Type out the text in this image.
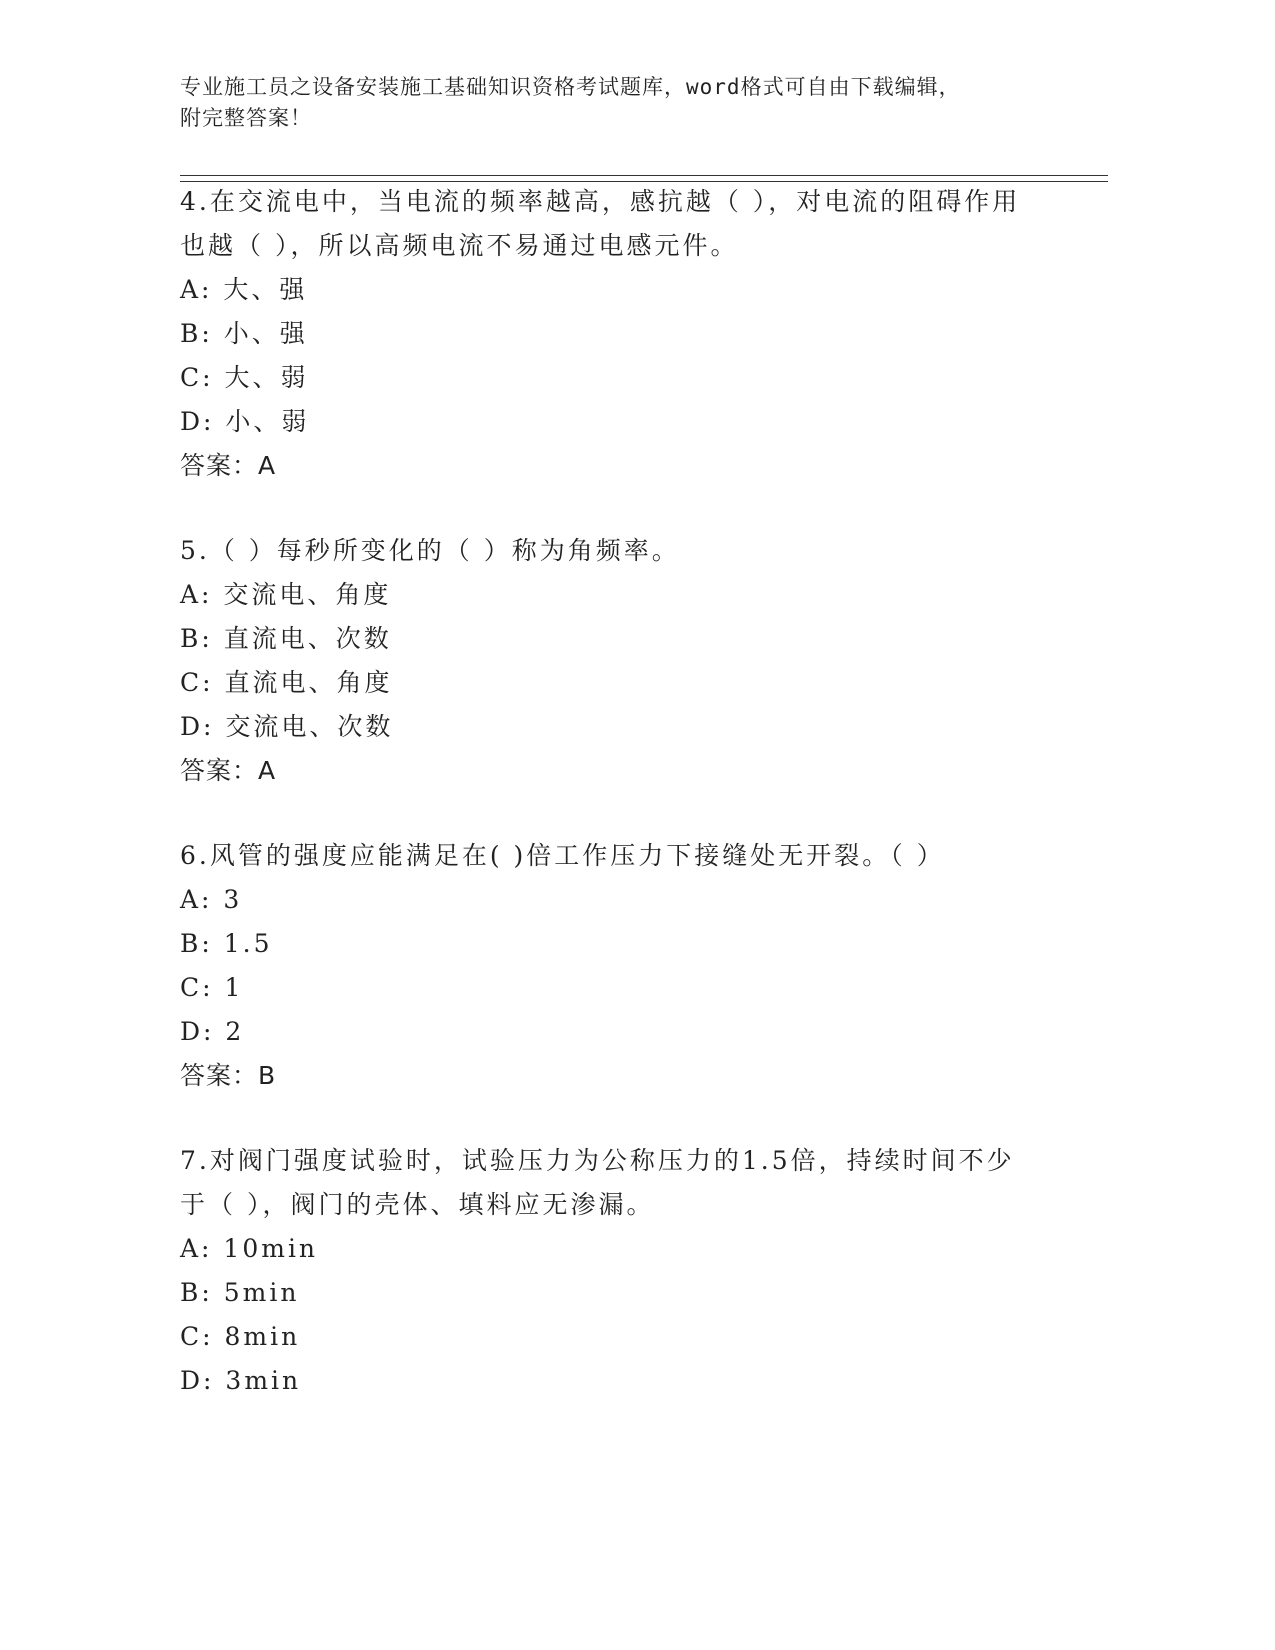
专业施工员之设备安装施工基础知识资格考试题库，word格式可自由下载编辑，
附完整答案！

4.在交流电中，当电流的频率越高，感抗越（ ），对电流的阻碍作用

也越（ ），所以高频电流不易通过电感元件。

A: 大、强

B: 小、强

C: 大、弱

D: 小、弱

答案：A

5.（ ）每秒所变化的（ ）称为角频率。

A: 交流电、角度

B: 直流电、次数

C: 直流电、角度

D: 交流电、次数

答案：A

6.风管的强度应能满足在( )倍工作压力下接缝处无开裂。（ ）

A: 3

B: 1.5

C: 1

D: 2

答案：B

7.对阀门强度试验时，试验压力为公称压力的1.5倍，持续时间不少

于（ ），阀门的壳体、填料应无渗漏。

A: 10min

B: 5min

C: 8min

D: 3min
